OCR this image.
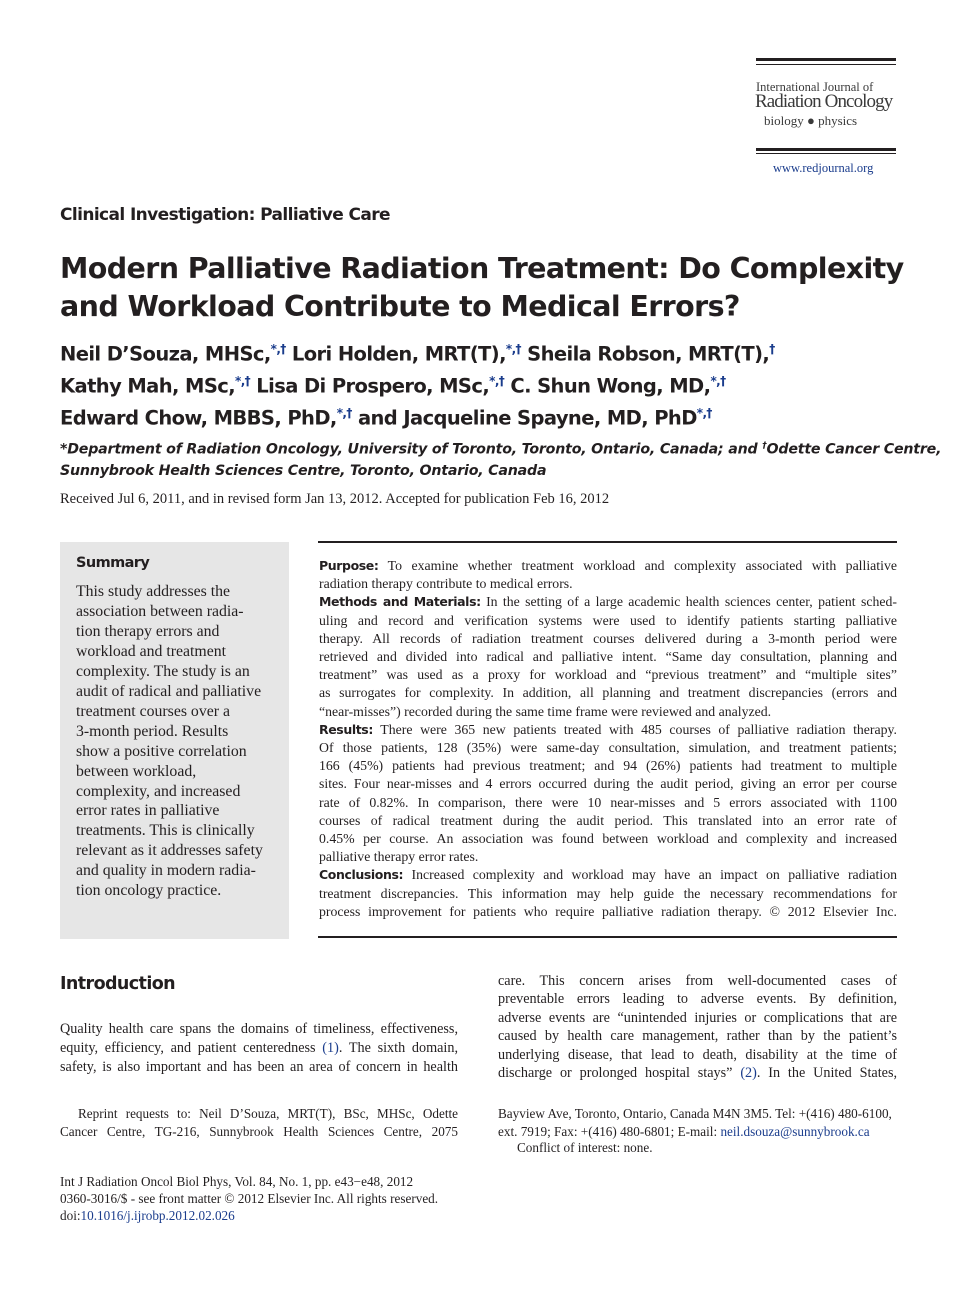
International Journal of
Radiation Oncology
biology ● physics
www.redjournal.org
Clinical Investigation: Palliative Care
Modern Palliative Radiation Treatment: Do Complexity
and Workload Contribute to Medical Errors?
Neil D’Souza, MHSc,*,† Lori Holden, MRT(T),*,† Sheila Robson, MRT(T),†
Kathy Mah, MSc,*,† Lisa Di Prospero, MSc,*,† C. Shun Wong, MD,*,†
Edward Chow, MBBS, PhD,*,† and Jacqueline Spayne, MD, PhD*,†
*Department of Radiation Oncology, University of Toronto, Toronto, Ontario, Canada; and †Odette Cancer Centre,
Sunnybrook Health Sciences Centre, Toronto, Ontario, Canada
Received Jul 6, 2011, and in revised form Jan 13, 2012. Accepted for publication Feb 16, 2012
Summary
This study addresses the
association between radia-
tion therapy errors and
workload and treatment
complexity. The study is an
audit of radical and palliative
treatment courses over a
3-month period. Results
show a positive correlation
between workload,
complexity, and increased
error rates in palliative
treatments. This is clinically
relevant as it addresses safety
and quality in modern radia-
tion oncology practice.
Purpose: To examine whether treatment workload and complexity associated with palliative
radiation therapy contribute to medical errors.
Methods and Materials: In the setting of a large academic health sciences center, patient sched-
uling and record and verification systems were used to identify patients starting palliative
therapy. All records of radiation treatment courses delivered during a 3-month period were
retrieved and divided into radical and palliative intent. “Same day consultation, planning and
treatment” was used as a proxy for workload and “previous treatment” and “multiple sites”
as surrogates for complexity. In addition, all planning and treatment discrepancies (errors and
“near-misses”) recorded during the same time frame were reviewed and analyzed.
Results: There were 365 new patients treated with 485 courses of palliative radiation therapy.
Of those patients, 128 (35%) were same-day consultation, simulation, and treatment patients;
166 (45%) patients had previous treatment; and 94 (26%) patients had treatment to multiple
sites. Four near-misses and 4 errors occurred during the audit period, giving an error per course
rate of 0.82%. In comparison, there were 10 near-misses and 5 errors associated with 1100
courses of radical treatment during the audit period. This translated into an error rate of
0.45% per course. An association was found between workload and complexity and increased
palliative therapy error rates.
Conclusions: Increased complexity and workload may have an impact on palliative radiation
treatment discrepancies. This information may help guide the necessary recommendations for
process improvement for patients who require palliative radiation therapy. © 2012 Elsevier Inc.
Introduction
Quality health care spans the domains of timeliness, effectiveness,
equity, efficiency, and patient centeredness (1). The sixth domain,
safety, is also important and has been an area of concern in health
care. This concern arises from well-documented cases of
preventable errors leading to adverse events. By definition,
adverse events are “unintended injuries or complications that are
caused by health care management, rather than by the patient’s
underlying disease, that lead to death, disability at the time of
discharge or prolonged hospital stays” (2). In the United States,
Reprint requests to: Neil D’Souza, MRT(T), BSc, MHSc, Odette
Cancer Centre, TG-216, Sunnybrook Health Sciences Centre, 2075
Bayview Ave, Toronto, Ontario, Canada M4N 3M5. Tel: +(416) 480-6100,
ext. 7919; Fax: +(416) 480-6801; E-mail: neil.dsouza@sunnybrook.ca
Conflict of interest: none.
Int J Radiation Oncol Biol Phys, Vol. 84, No. 1, pp. e43−e48, 2012
0360-3016/$ - see front matter © 2012 Elsevier Inc. All rights reserved.
doi:10.1016/j.ijrobp.2012.02.026
